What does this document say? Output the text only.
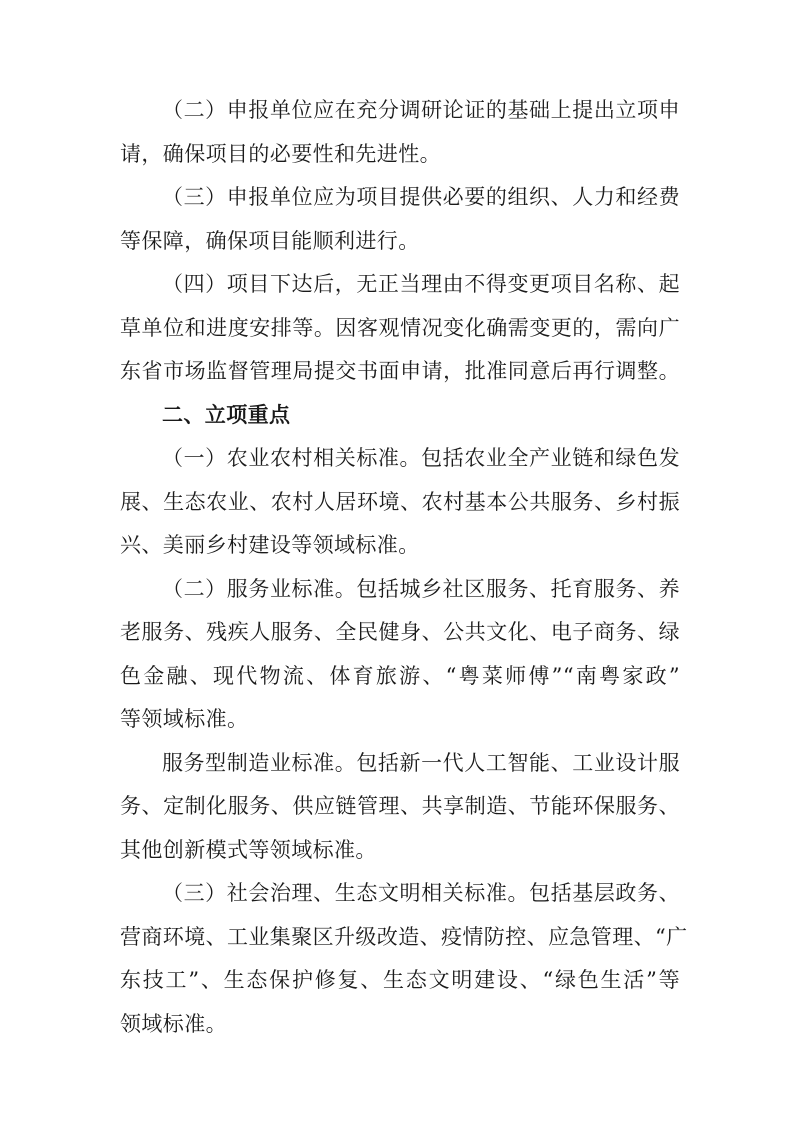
（二）申报单位应在充分调研论证的基础上提出立项申
请，确保项目的必要性和先进性。
（三）申报单位应为项目提供必要的组织、人力和经费
等保障，确保项目能顺利进行。
（四）项目下达后，无正当理由不得变更项目名称、起
草单位和进度安排等。因客观情况变化确需变更的，需向广
东省市场监督管理局提交书面申请，批准同意后再行调整。
二、立项重点
（一）农业农村相关标准。包括农业全产业链和绿色发
展、生态农业、农村人居环境、农村基本公共服务、乡村振
兴、美丽乡村建设等领域标准。
（二）服务业标准。包括城乡社区服务、托育服务、养
老服务、残疾人服务、全民健身、公共文化、电子商务、绿
色金融、现代物流、体育旅游、“粤菜师傅”“南粤家政”
等领域标准。
服务型制造业标准。包括新一代人工智能、工业设计服
务、定制化服务、供应链管理、共享制造、节能环保服务、
其他创新模式等领域标准。
（三）社会治理、生态文明相关标准。包括基层政务、
营商环境、工业集聚区升级改造、疫情防控、应急管理、“广
东技工”、生态保护修复、生态文明建设、“绿色生活”等
领域标准。
